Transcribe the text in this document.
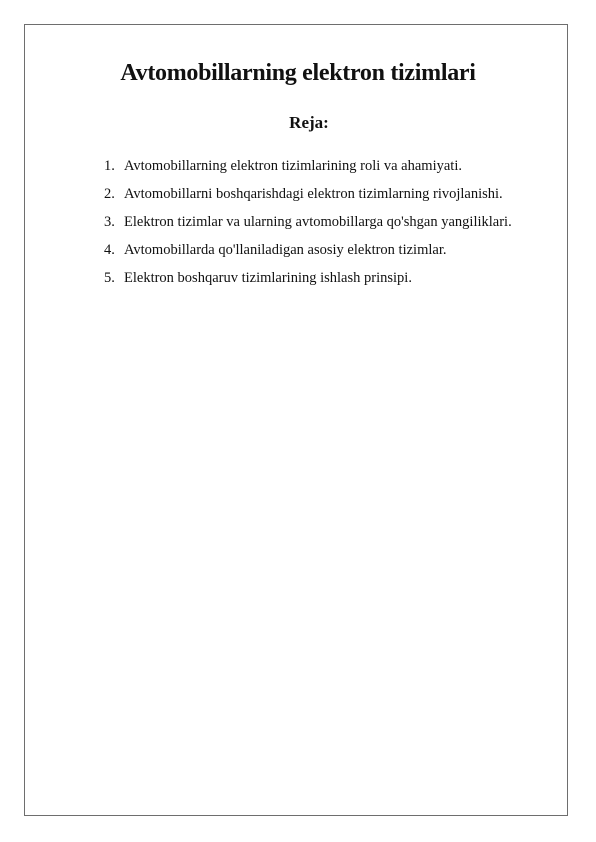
Avtomobillarning elektron tizimlari
Reja:
1. Avtomobillarning elektron tizimlarining roli va ahamiyati.
2. Avtomobillarni boshqarishdagi elektron tizimlarning rivojlanishi.
3. Elektron tizimlar va ularning avtomobillarga qo'shgan yangiliklari.
4. Avtomobillarda qo'llaniladigan asosiy elektron tizimlar.
5. Elektron boshqaruv tizimlarining ishlash prinsipi.
